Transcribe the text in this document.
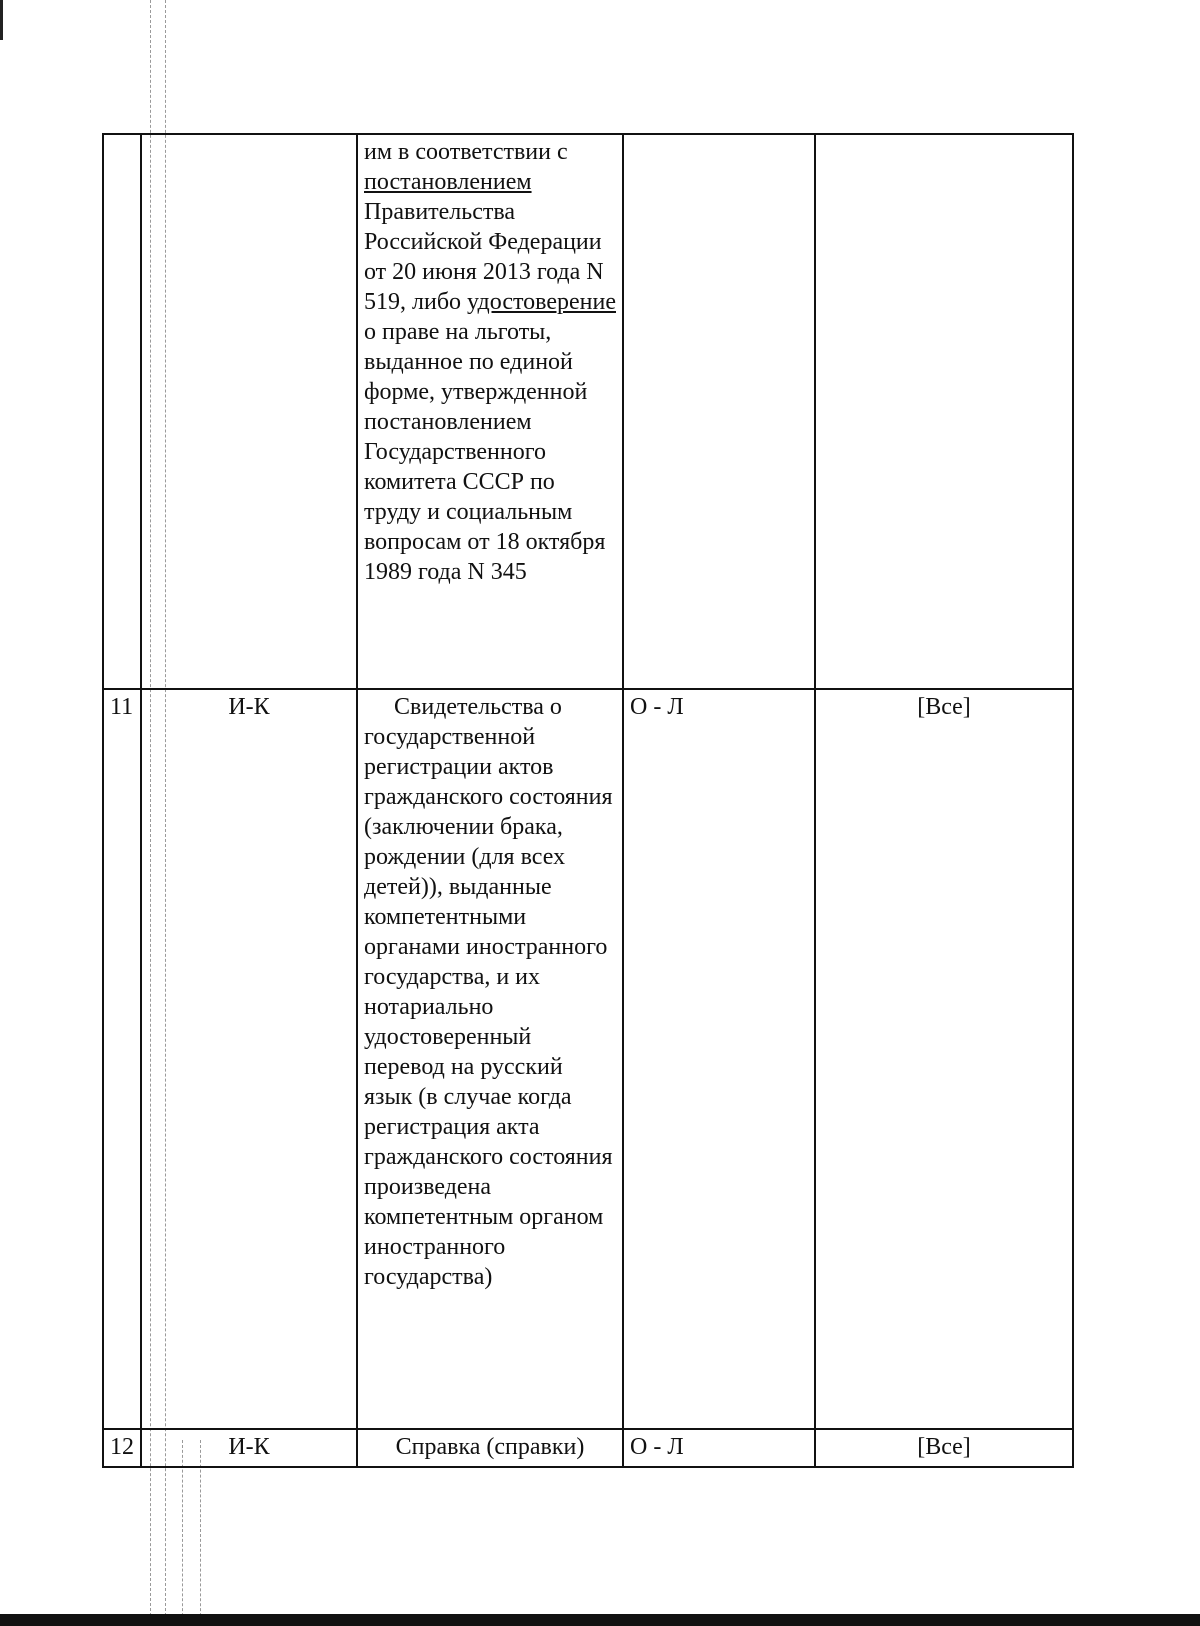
		им в соответствии с постановлением Правительства Российской Федерации от 20 июня 2013 года N 519, либо удостоверение о праве на льготы, выданное по единой форме, утвержденной постановлением Государственного комитета СССР по труду и социальным вопросам от 18 октября 1989 года N 345		
11	И-К	Свидетельства о государственной регистрации актов гражданского состояния (заключении брака, рождении (для всех детей)), выданные компетентными органами иностранного государства, и их нотариально удостоверенный перевод на русский язык (в случае когда регистрация акта гражданского состояния произведена компетентным органом иностранного государства)	О - Л	[Все]
12	И-К	Справка (справки)	О - Л	[Все]
